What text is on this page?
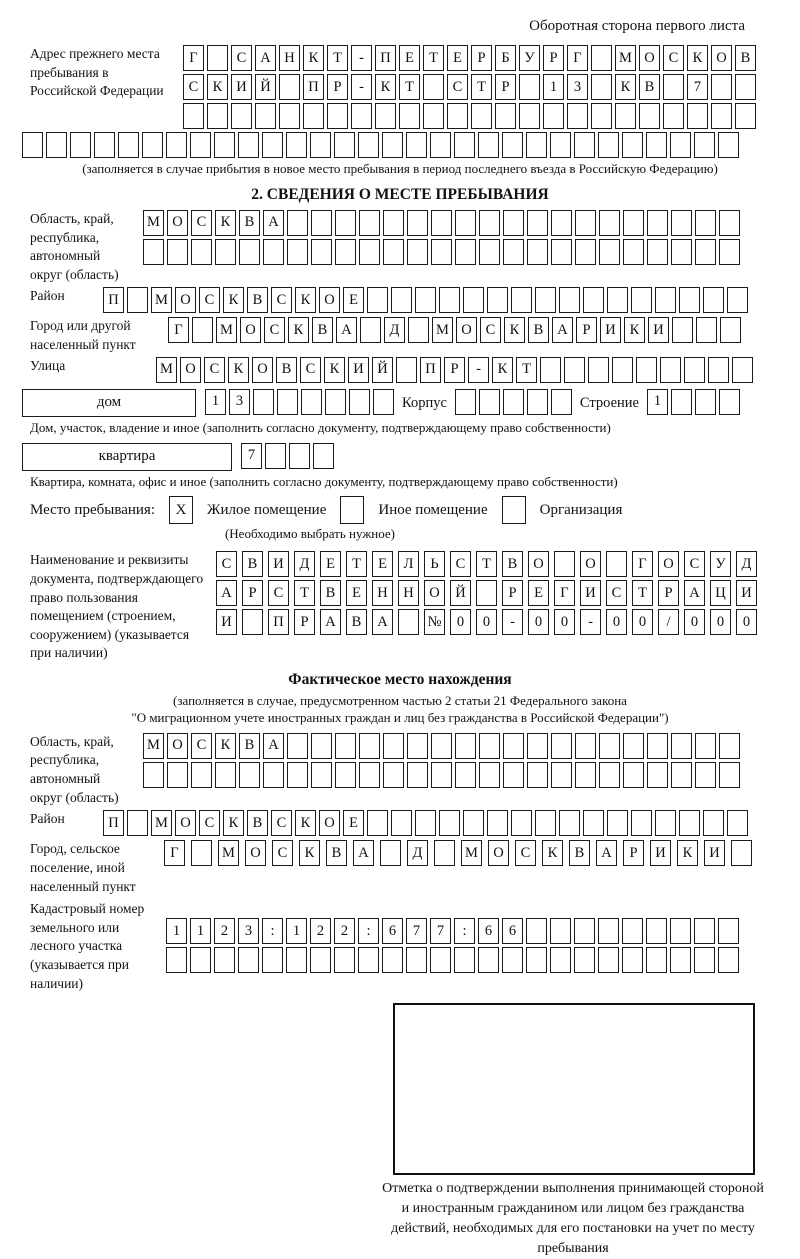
Оборотная сторона первого листа
Адрес прежнего места пребывания в Российской Федерации
Г	С А Н К	Т	-	П Е	Т	Е	Р	Б	У	Р	Г	М О С К О В
С К И Й	П	Р	-	К	Т	С	Т	Р	1	3	К В	7
(заполняется в случае прибытия в новое место пребывания в период последнего въезда в Российскую Федерацию)
2. СВЕДЕНИЯ О МЕСТЕ ПРЕБЫВАНИЯ
Область, край, республика, автономный округ (область)
М О С К В А
Район	П	М О С К В С К О Е
Город или другой населенный пункт
Г	М О С К В А	Д	М О С К В А	Р	И К И
Улица	М О С К О В С К И Й	П	Р	-	К	Т
дом	1	3	Корпус	Строение	1
Дом, участок, владение и иное (заполнить согласно документу, подтверждающему право собственности)
квартира	7
Квартира, комната, офис и иное (заполнить согласно документу, подтверждающему право собственности)
Место пребывания:	X	Жилое помещение	Иное помещение	Организация
(Необходимо выбрать нужное)
Наименование и реквизиты документа, подтверждающего право пользования помещением (строением, сооружением) (указывается при наличии)
С	В	И	Д	Е	Т	Е	Л	Ь	С	Т	В	О	О	Г	О	С	У	Д
А	Р	С	Т	В	Е	Н	Н	О	Й	Р	Е	Г	И	С	Т	Р	А	Ц	И
И	П	Р	А	В	А	№	0	0	-	0	0	-	0	0	/	0	0	0
Фактическое место нахождения
(заполняется в случае, предусмотренном частью 2 статьи 21 Федерального закона
"О миграционном учете иностранных граждан и лиц без гражданства в Российской Федерации")
Область, край, республика, автономный округ (область)
М О С К В А
Район	П	М О С К В С К О Е
Город, сельское поселение, иной населенный пункт
Г	М	О	С	К	В	А	Д	М	О	С	К	В	А	Р	И	К	И
Кадастровый номер земельного или лесного участка (указывается при наличии)
1	1	2	3	:	1	2	2	:	6	7	7	:	6	6
Отметка о подтверждении выполнения принимающей стороной и иностранным гражданином или лицом без гражданства действий, необходимых для его постановки на учет по месту пребывания
